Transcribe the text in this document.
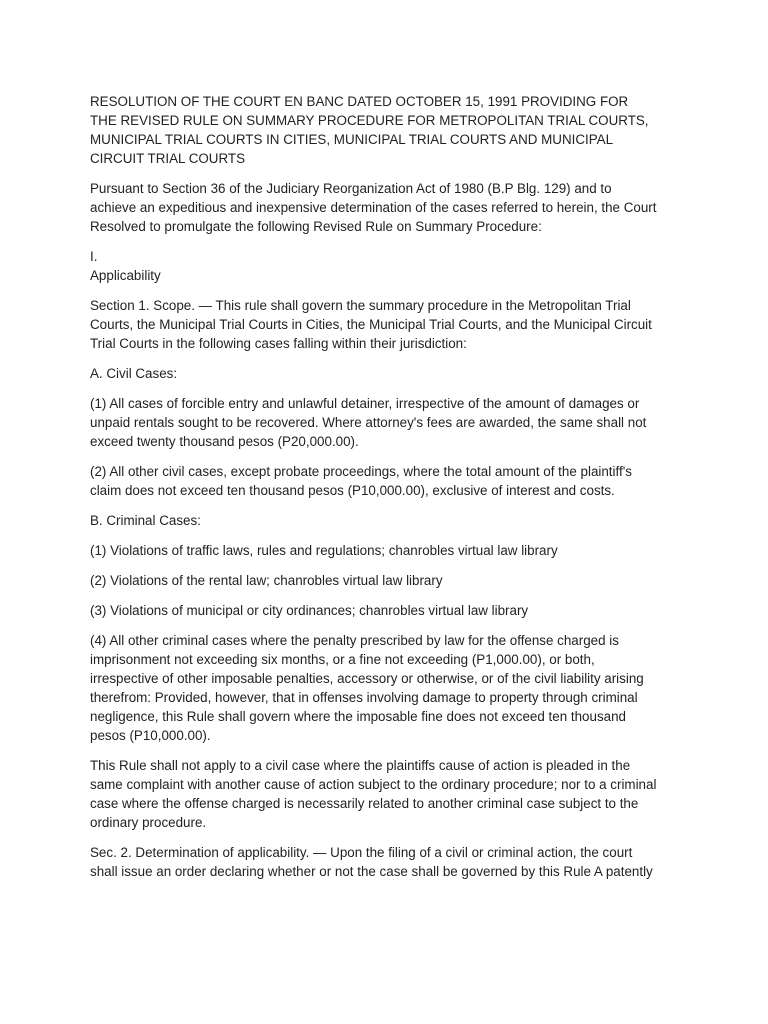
RESOLUTION OF THE COURT EN BANC DATED OCTOBER 15, 1991 PROVIDING FOR
THE REVISED RULE ON SUMMARY PROCEDURE FOR METROPOLITAN TRIAL COURTS,
MUNICIPAL TRIAL COURTS IN CITIES, MUNICIPAL TRIAL COURTS AND MUNICIPAL
CIRCUIT TRIAL COURTS

Pursuant to Section 36 of the Judiciary Reorganization Act of 1980 (B.P Blg. 129) and to
achieve an expeditious and inexpensive determination of the cases referred to herein, the Court
Resolved to promulgate the following Revised Rule on Summary Procedure:

I.
Applicability

Section 1. Scope. — This rule shall govern the summary procedure in the Metropolitan Trial
Courts, the Municipal Trial Courts in Cities, the Municipal Trial Courts, and the Municipal Circuit
Trial Courts in the following cases falling within their jurisdiction:

A. Civil Cases:

(1) All cases of forcible entry and unlawful detainer, irrespective of the amount of damages or
unpaid rentals sought to be recovered. Where attorney's fees are awarded, the same shall not
exceed twenty thousand pesos (P20,000.00).

(2) All other civil cases, except probate proceedings, where the total amount of the plaintiff's
claim does not exceed ten thousand pesos (P10,000.00), exclusive of interest and costs.

B. Criminal Cases:

(1) Violations of traffic laws, rules and regulations; chanrobles virtual law library

(2) Violations of the rental law; chanrobles virtual law library

(3) Violations of municipal or city ordinances; chanrobles virtual law library

(4) All other criminal cases where the penalty prescribed by law for the offense charged is
imprisonment not exceeding six months, or a fine not exceeding (P1,000.00), or both,
irrespective of other imposable penalties, accessory or otherwise, or of the civil liability arising
therefrom: Provided, however, that in offenses involving damage to property through criminal
negligence, this Rule shall govern where the imposable fine does not exceed ten thousand
pesos (P10,000.00).

This Rule shall not apply to a civil case where the plaintiffs cause of action is pleaded in the
same complaint with another cause of action subject to the ordinary procedure; nor to a criminal
case where the offense charged is necessarily related to another criminal case subject to the
ordinary procedure.

Sec. 2. Determination of applicability. — Upon the filing of a civil or criminal action, the court
shall issue an order declaring whether or not the case shall be governed by this Rule A patently
